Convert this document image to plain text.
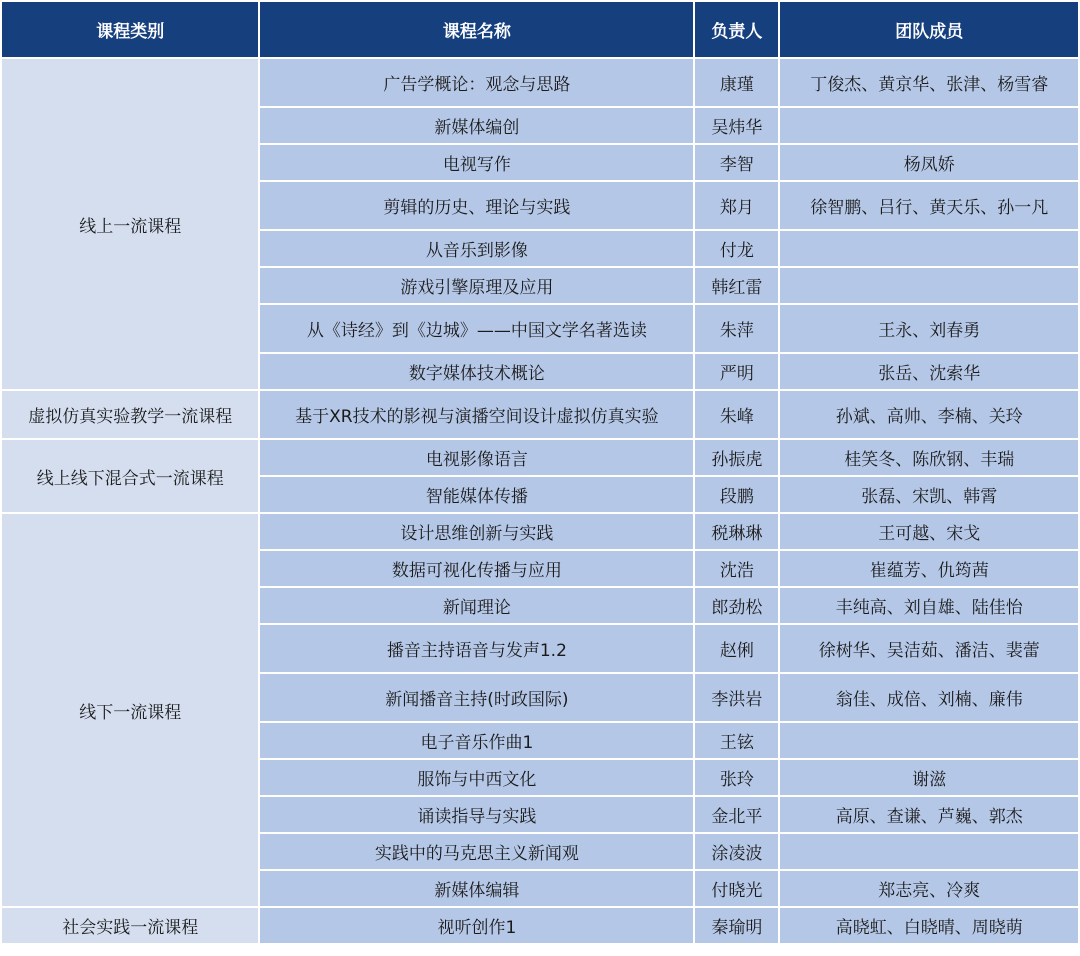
课程类别	课程名称	负责人	团队成员
线上一流课程	广告学概论：观念与思路	康瑾	丁俊杰、黄京华、张津、杨雪睿
	新媒体编创	吴炜华	
	电视写作	李智	杨凤娇
	剪辑的历史、理论与实践	郑月	徐智鹏、吕行、黄天乐、孙一凡
	从音乐到影像	付龙	
	游戏引擎原理及应用	韩红雷	
	从《诗经》到《边城》——中国文学名著选读	朱萍	王永、刘春勇
	数字媒体技术概论	严明	张岳、沈索华
虚拟仿真实验教学一流课程	基于XR技术的影视与演播空间设计虚拟仿真实验	朱峰	孙斌、高帅、李楠、关玲
线上线下混合式一流课程	电视影像语言	孙振虎	桂笑冬、陈欣钢、丰瑞
	智能媒体传播	段鹏	张磊、宋凯、韩霄
线下一流课程	设计思维创新与实践	税琳琳	王可越、宋戈
	数据可视化传播与应用	沈浩	崔蕴芳、仇筠茜
	新闻理论	郎劲松	丰纯高、刘自雄、陆佳怡
	播音主持语音与发声1.2	赵俐	徐树华、吴洁茹、潘洁、裴蕾
	新闻播音主持(时政国际)	李洪岩	翁佳、成倍、刘楠、廉伟
	电子音乐作曲1	王铉	
	服饰与中西文化	张玲	谢滋
	诵读指导与实践	金北平	高原、查谦、芦巍、郭杰
	实践中的马克思主义新闻观	涂凌波	
	新媒体编辑	付晓光	郑志亮、冷爽
社会实践一流课程	视听创作1	秦瑜明	高晓虹、白晓晴、周晓萌
